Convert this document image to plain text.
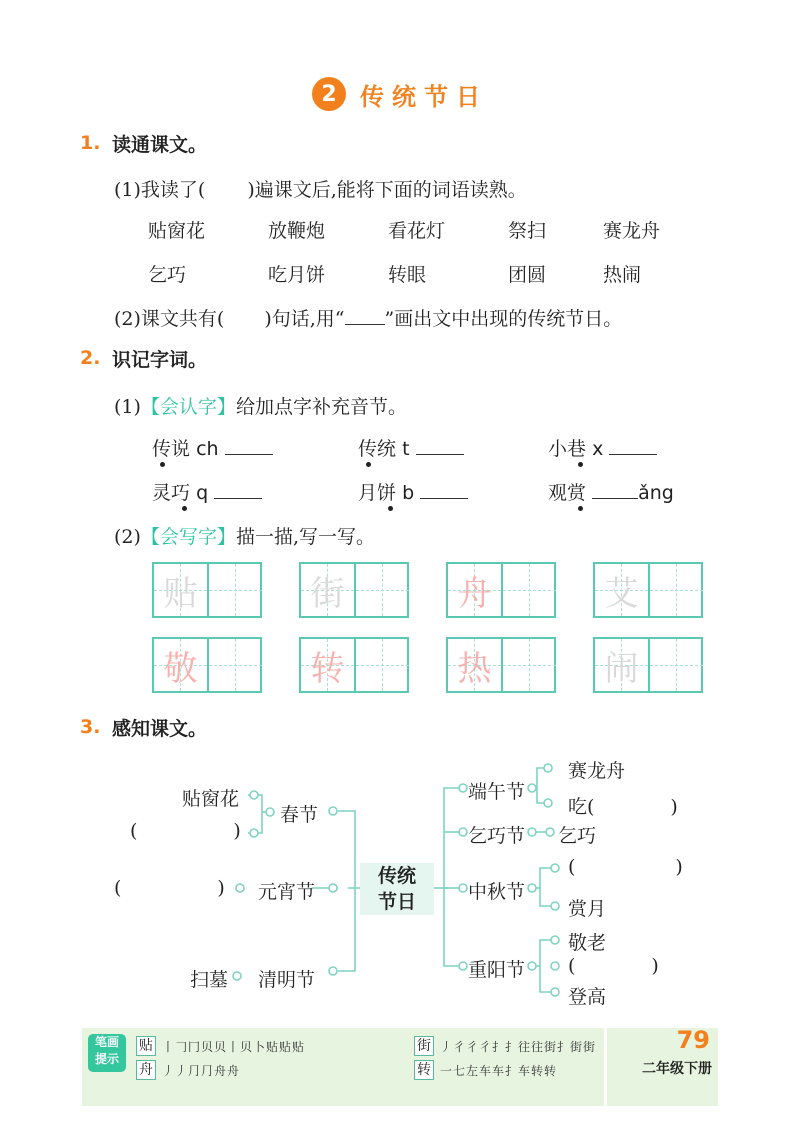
2 传统节日
1. 读通课文。
(1)我读了( )遍课文后,能将下面的词语读熟。
贴窗花	放鞭炮	看花灯	祭扫	赛龙舟
乞巧	吃月饼	转眼	团圆	热闹
(2)课文共有( )句话,用“ ”画出文中出现的传统节日。
2. 识记字词。
(1)【会认字】给加点字补充音节。
传说 ch	传统 t	小巷 x
灵巧 q	月饼 b	观赏	ǎng
(2)【会写字】描一描,写一写。
贴	街	舟	艾
敬	转	热	闹
3. 感知课文。
传统
节日
贴窗花
(	)
春节
(	) 元宵节
扫墓 清明节
端午节
赛龙舟
吃(	)
乞巧节 乞巧
中秋节
(	)
赏月
重阳节
敬老
(	)
登高
笔画
提示
贴 丨𠃌冂贝贝丨贝卜贴贴贴
舟 丿丿⺆⺆舟舟
街 丿彳彳彳⺘⺘往往街⺘街街
转 一七左车车⺘车转转
79
二年级下册
